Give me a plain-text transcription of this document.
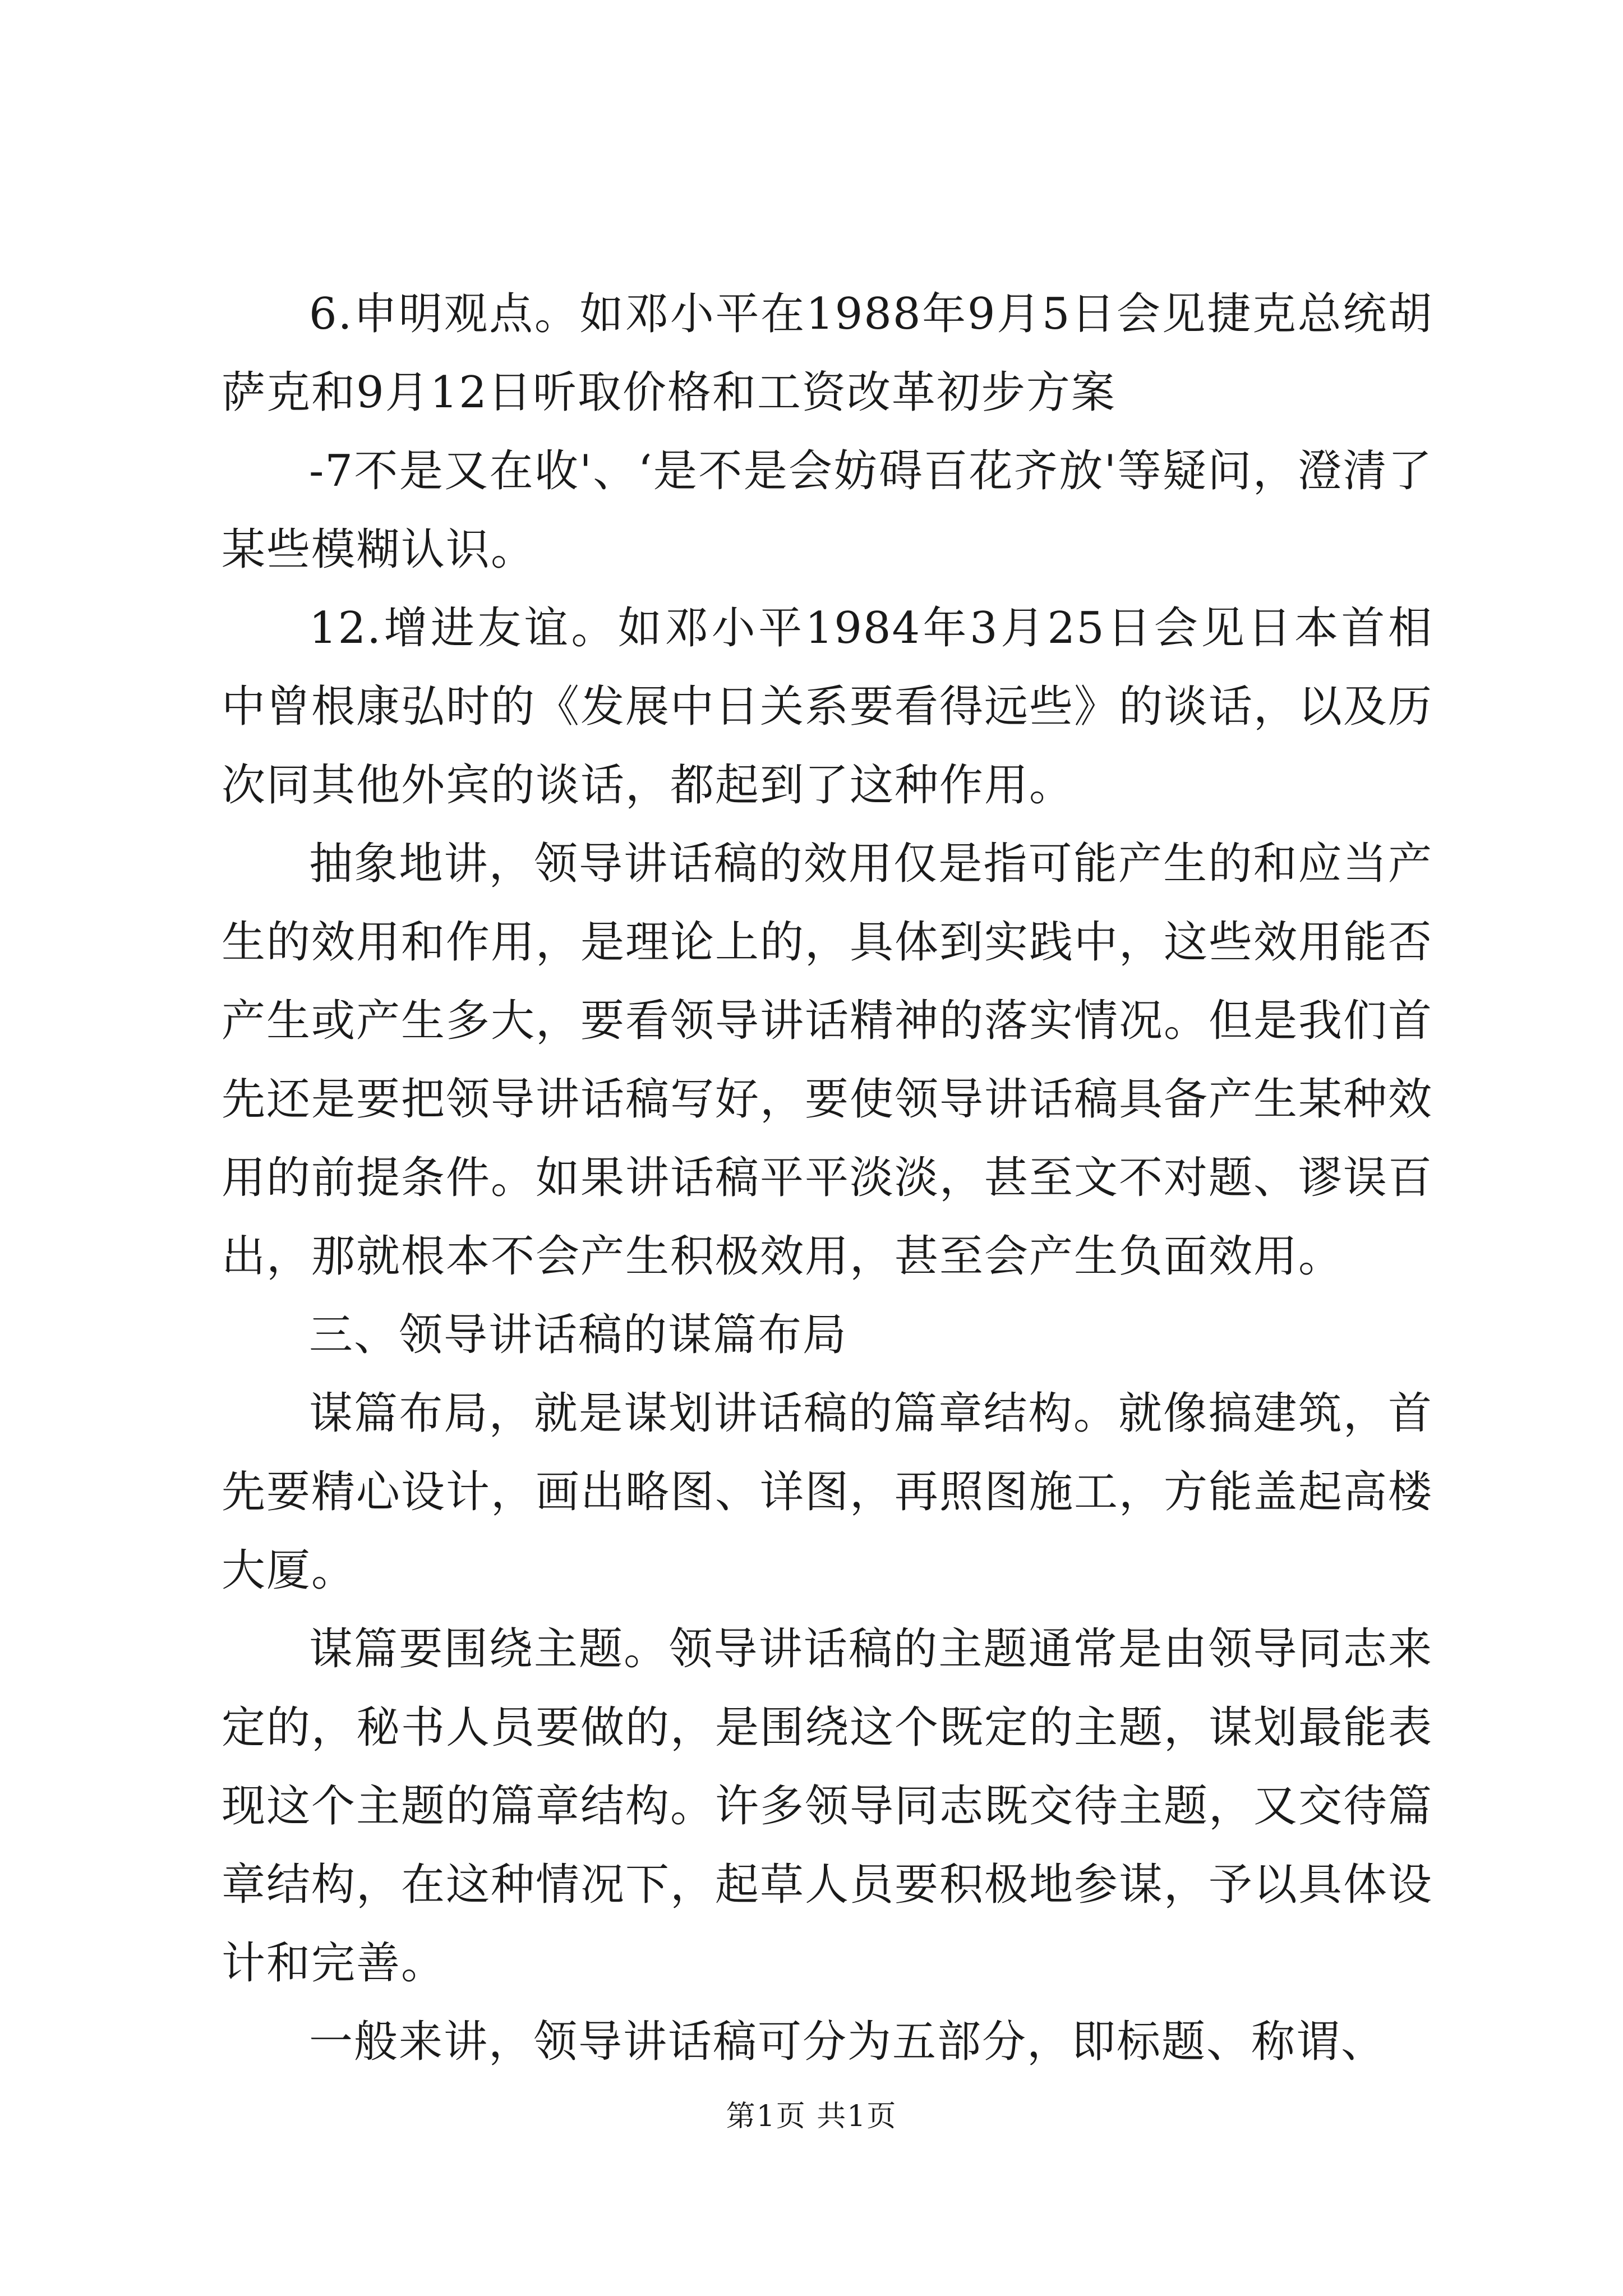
6.申明观点。如邓小平在1988年9月5日会见捷克总统胡萨克和9月12日听取价格和工资改革初步方案

-7不是又在收'、‘是不是会妨碍百花齐放'等疑问，澄清了某些模糊认识。

12.增进友谊。如邓小平1984年3月25日会见日本首相中曾根康弘时的《发展中日关系要看得远些》的谈话，以及历次同其他外宾的谈话，都起到了这种作用。

抽象地讲，领导讲话稿的效用仅是指可能产生的和应当产生的效用和作用，是理论上的，具体到实践中，这些效用能否产生或产生多大，要看领导讲话精神的落实情况。但是我们首先还是要把领导讲话稿写好，要使领导讲话稿具备产生某种效用的前提条件。如果讲话稿平平淡淡，甚至文不对题、谬误百出，那就根本不会产生积极效用，甚至会产生负面效用。

三、领导讲话稿的谋篇布局

谋篇布局，就是谋划讲话稿的篇章结构。就像搞建筑，首先要精心设计，画出略图、详图，再照图施工，方能盖起高楼大厦。

谋篇要围绕主题。领导讲话稿的主题通常是由领导同志来定的，秘书人员要做的，是围绕这个既定的主题，谋划最能表现这个主题的篇章结构。许多领导同志既交待主题，又交待篇章结构，在这种情况下，起草人员要积极地参谋，予以具体设计和完善。

一般来讲，领导讲话稿可分为五部分，即标题、称谓、

第1页 共1页
